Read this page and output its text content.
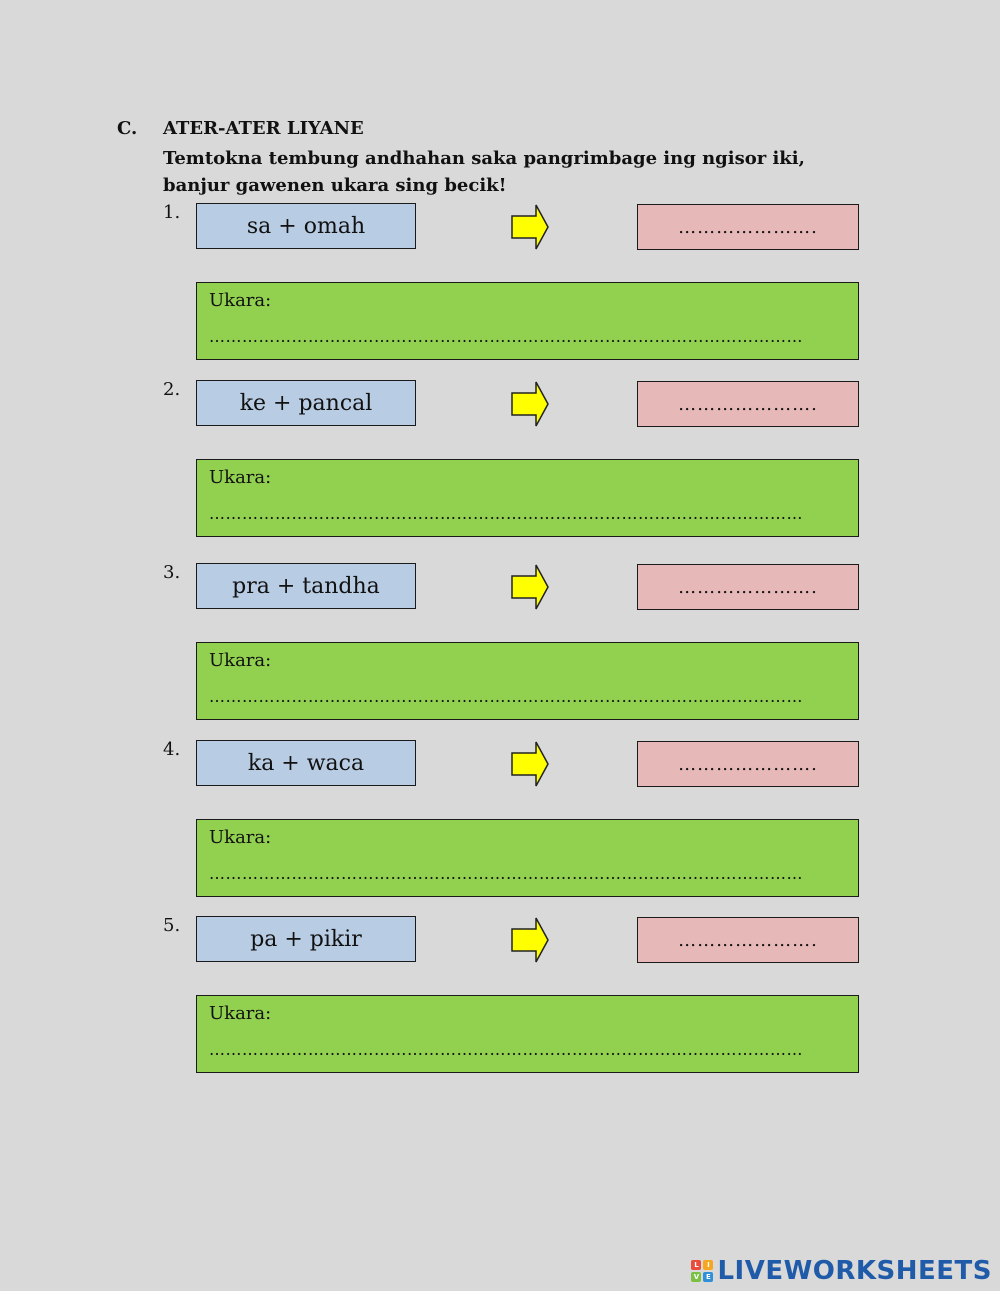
C. ATER-ATER LIYANE
Temtokna tembung andhahan saka pangrimbage ing ngisor iki, banjur gawenen ukara sing becik!
1.
sa + omah	………………….
Ukara:
………………………………………………………………………………………………
2.
ke + pancal	………………….
Ukara:
………………………………………………………………………………………………
3.
pra + tandha	………………….
Ukara:
………………………………………………………………………………………………
4.
ka + waca	………………….
Ukara:
………………………………………………………………………………………………
5.
pa + pikir	………………….
Ukara:
………………………………………………………………………………………………
L	I
V E LIVEWORKSHEETS
